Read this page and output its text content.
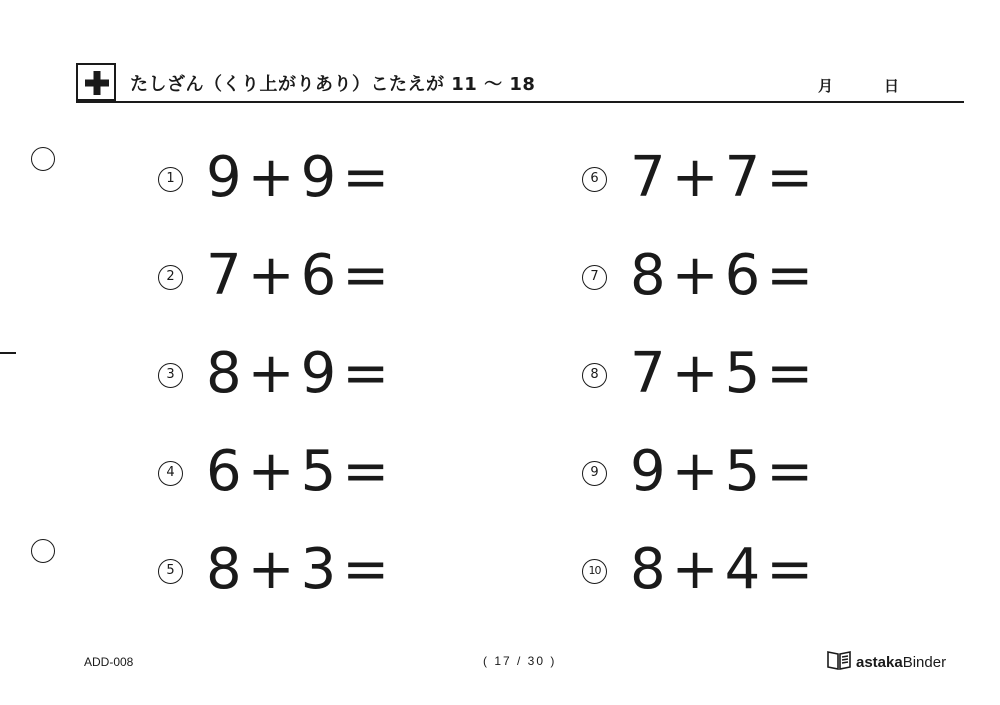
たしざん（くり上がりあり）こたえが 11 〜 18	月	日
1 9+9=
2 7+6=
3 8+9=
4 6+5=
5 8+3=
6 7+7=
7 8+6=
8 7+5=
9 9+5=
10 8+4=
ADD-008	( 17 / 30 )	astakaBinder
